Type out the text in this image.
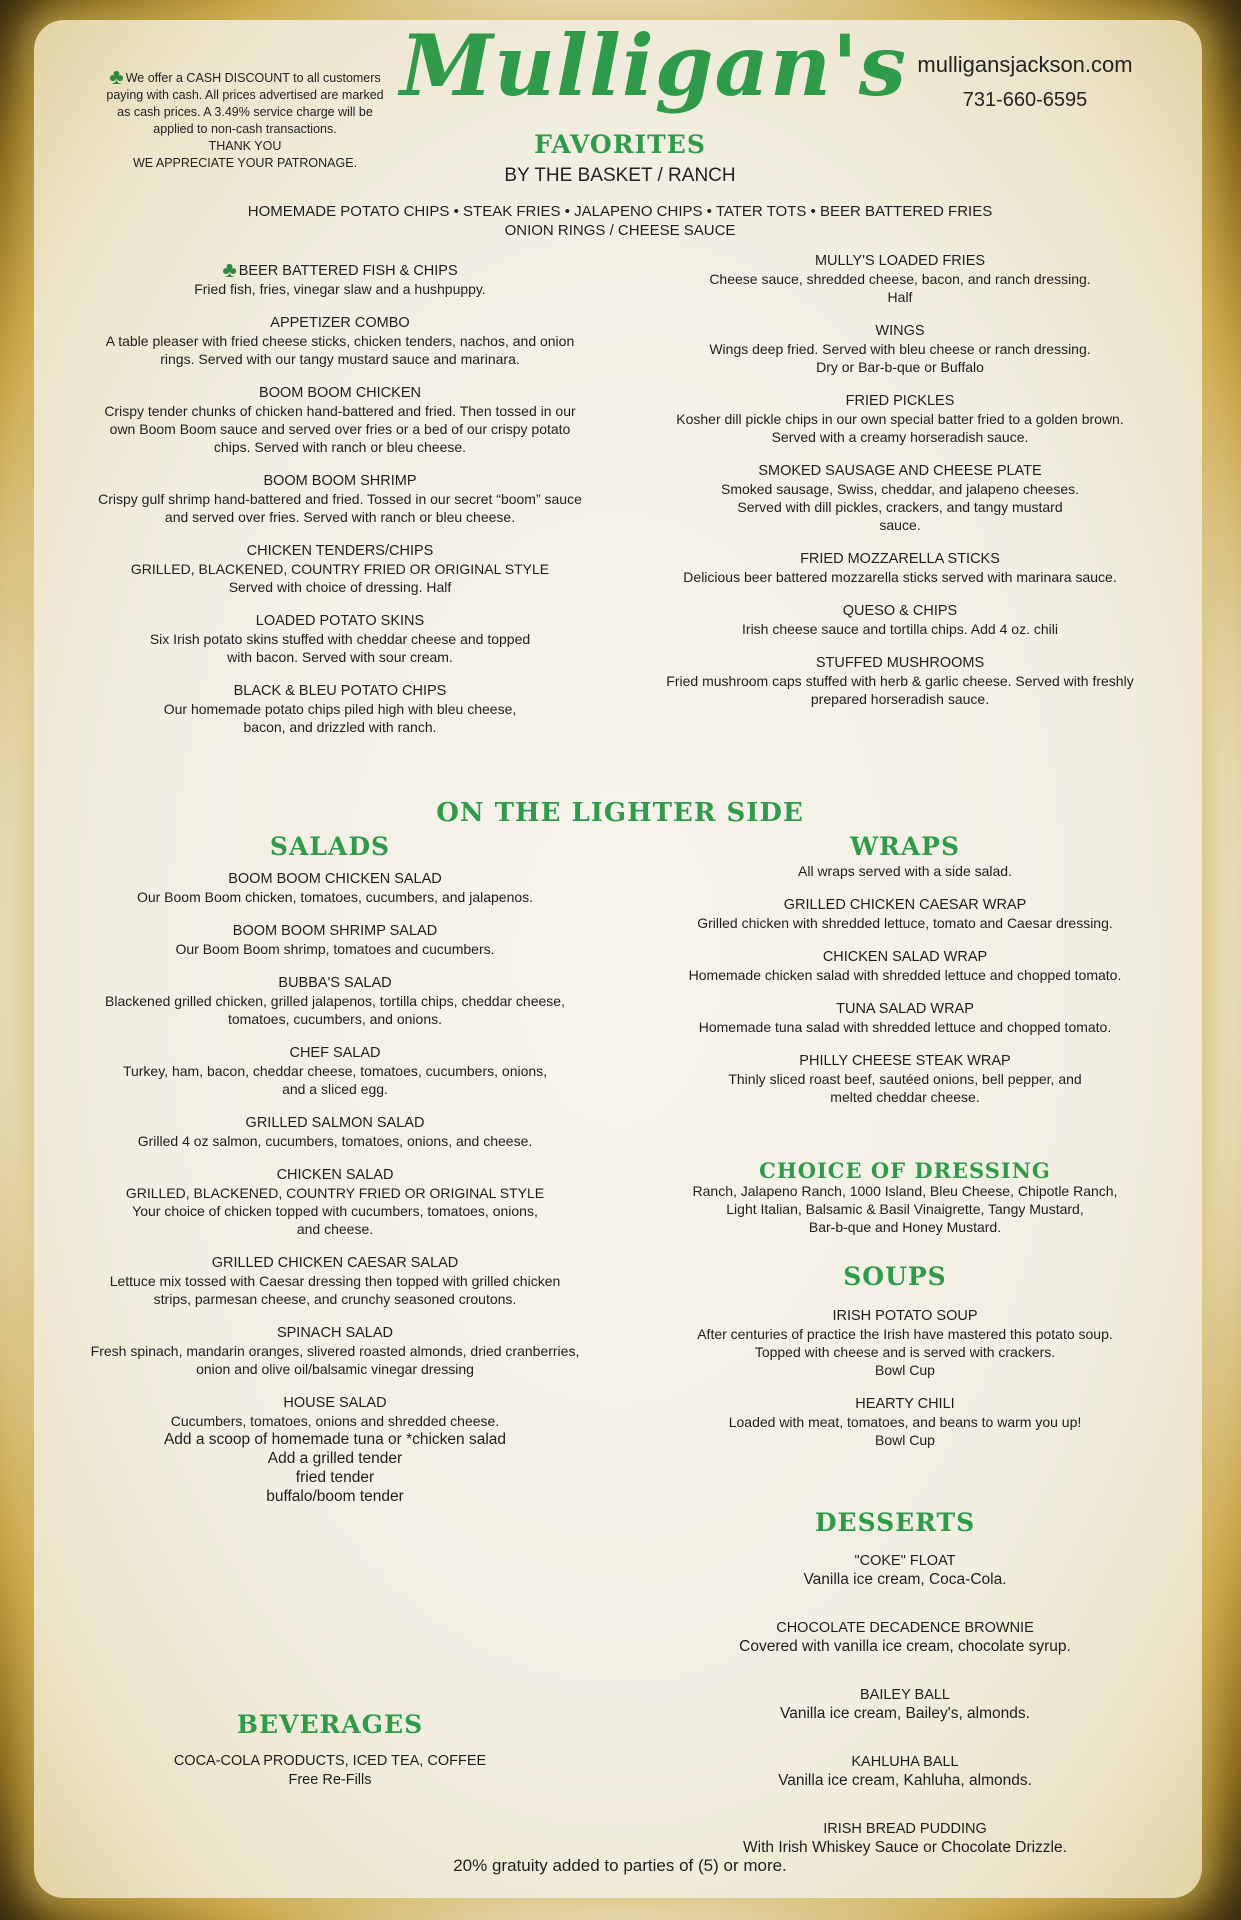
♣ We offer a CASH DISCOUNT to all customers
paying with cash. All prices advertised are marked
as cash prices. A 3.49% service charge will be
applied to non-cash transactions.
THANK YOU
WE APPRECIATE YOUR PATRONAGE.
Mulligan's mulligansjackson.com
731-660-6595
FAVORITES
BY THE BASKET / RANCH
HOMEMADE POTATO CHIPS • STEAK FRIES • JALAPENO CHIPS • TATER TOTS • BEER BATTERED FRIES
ONION RINGS / CHEESE SAUCE
♣ BEER BATTERED FISH & CHIPS
Fried fish, fries, vinegar slaw and a hushpuppy.
APPETIZER COMBO
A table pleaser with fried cheese sticks, chicken tenders, nachos, and onion
rings. Served with our tangy mustard sauce and marinara.
BOOM BOOM CHICKEN
Crispy tender chunks of chicken hand-battered and fried. Then tossed in our
own Boom Boom sauce and served over fries or a bed of our crispy potato
chips. Served with ranch or bleu cheese.
BOOM BOOM SHRIMP
Crispy gulf shrimp hand-battered and fried. Tossed in our secret “boom” sauce
and served over fries. Served with ranch or bleu cheese.
CHICKEN TENDERS/CHIPS
GRILLED, BLACKENED, COUNTRY FRIED OR ORIGINAL STYLE
Served with choice of dressing. Half
LOADED POTATO SKINS
Six Irish potato skins stuffed with cheddar cheese and topped
with bacon. Served with sour cream.
BLACK & BLEU POTATO CHIPS
Our homemade potato chips piled high with bleu cheese,
bacon, and drizzled with ranch.
MULLY'S LOADED FRIES
Cheese sauce, shredded cheese, bacon, and ranch dressing.
Half
WINGS
Wings deep fried. Served with bleu cheese or ranch dressing.
Dry or Bar-b-que or Buffalo
FRIED PICKLES
Kosher dill pickle chips in our own special batter fried to a golden brown.
Served with a creamy horseradish sauce.
SMOKED SAUSAGE AND CHEESE PLATE
Smoked sausage, Swiss, cheddar, and jalapeno cheeses.
Served with dill pickles, crackers, and tangy mustard
sauce.
FRIED MOZZARELLA STICKS
Delicious beer battered mozzarella sticks served with marinara sauce.
QUESO & CHIPS
Irish cheese sauce and tortilla chips. Add 4 oz. chili
STUFFED MUSHROOMS
Fried mushroom caps stuffed with herb & garlic cheese. Served with freshly
prepared horseradish sauce.
ON THE LIGHTER SIDE
SALADS
BOOM BOOM CHICKEN SALAD
Our Boom Boom chicken, tomatoes, cucumbers, and jalapenos.
BOOM BOOM SHRIMP SALAD
Our Boom Boom shrimp, tomatoes and cucumbers.
BUBBA'S SALAD
Blackened grilled chicken, grilled jalapenos, tortilla chips, cheddar cheese,
tomatoes, cucumbers, and onions.
CHEF SALAD
Turkey, ham, bacon, cheddar cheese, tomatoes, cucumbers, onions,
and a sliced egg.
GRILLED SALMON SALAD
Grilled 4 oz salmon, cucumbers, tomatoes, onions, and cheese.
CHICKEN SALAD
GRILLED, BLACKENED, COUNTRY FRIED OR ORIGINAL STYLE
Your choice of chicken topped with cucumbers, tomatoes, onions,
and cheese.
GRILLED CHICKEN CAESAR SALAD
Lettuce mix tossed with Caesar dressing then topped with grilled chicken
strips, parmesan cheese, and crunchy seasoned croutons.
SPINACH SALAD
Fresh spinach, mandarin oranges, slivered roasted almonds, dried cranberries,
onion and olive oil/balsamic vinegar dressing
HOUSE SALAD
Cucumbers, tomatoes, onions and shredded cheese.
Add a scoop of homemade tuna or *chicken salad
Add a grilled tender
fried tender
buffalo/boom tender
BEVERAGES
COCA-COLA PRODUCTS, ICED TEA, COFFEE
Free Re-Fills
WRAPS
All wraps served with a side salad.
GRILLED CHICKEN CAESAR WRAP
Grilled chicken with shredded lettuce, tomato and Caesar dressing.
CHICKEN SALAD WRAP
Homemade chicken salad with shredded lettuce and chopped tomato.
TUNA SALAD WRAP
Homemade tuna salad with shredded lettuce and chopped tomato.
PHILLY CHEESE STEAK WRAP
Thinly sliced roast beef, sautéed onions, bell pepper, and
melted cheddar cheese.
CHOICE OF DRESSING
Ranch, Jalapeno Ranch, 1000 Island, Bleu Cheese, Chipotle Ranch,
Light Italian, Balsamic & Basil Vinaigrette, Tangy Mustard,
Bar-b-que and Honey Mustard.
SOUPS
IRISH POTATO SOUP
After centuries of practice the Irish have mastered this potato soup.
Topped with cheese and is served with crackers.
Bowl Cup
HEARTY CHILI
Loaded with meat, tomatoes, and beans to warm you up!
Bowl Cup
DESSERTS
"COKE" FLOAT
Vanilla ice cream, Coca-Cola.
CHOCOLATE DECADENCE BROWNIE
Covered with vanilla ice cream, chocolate syrup.
BAILEY BALL
Vanilla ice cream, Bailey's, almonds.
KAHLUHA BALL
Vanilla ice cream, Kahluha, almonds.
IRISH BREAD PUDDING
With Irish Whiskey Sauce or Chocolate Drizzle.
20% gratuity added to parties of (5) or more.
